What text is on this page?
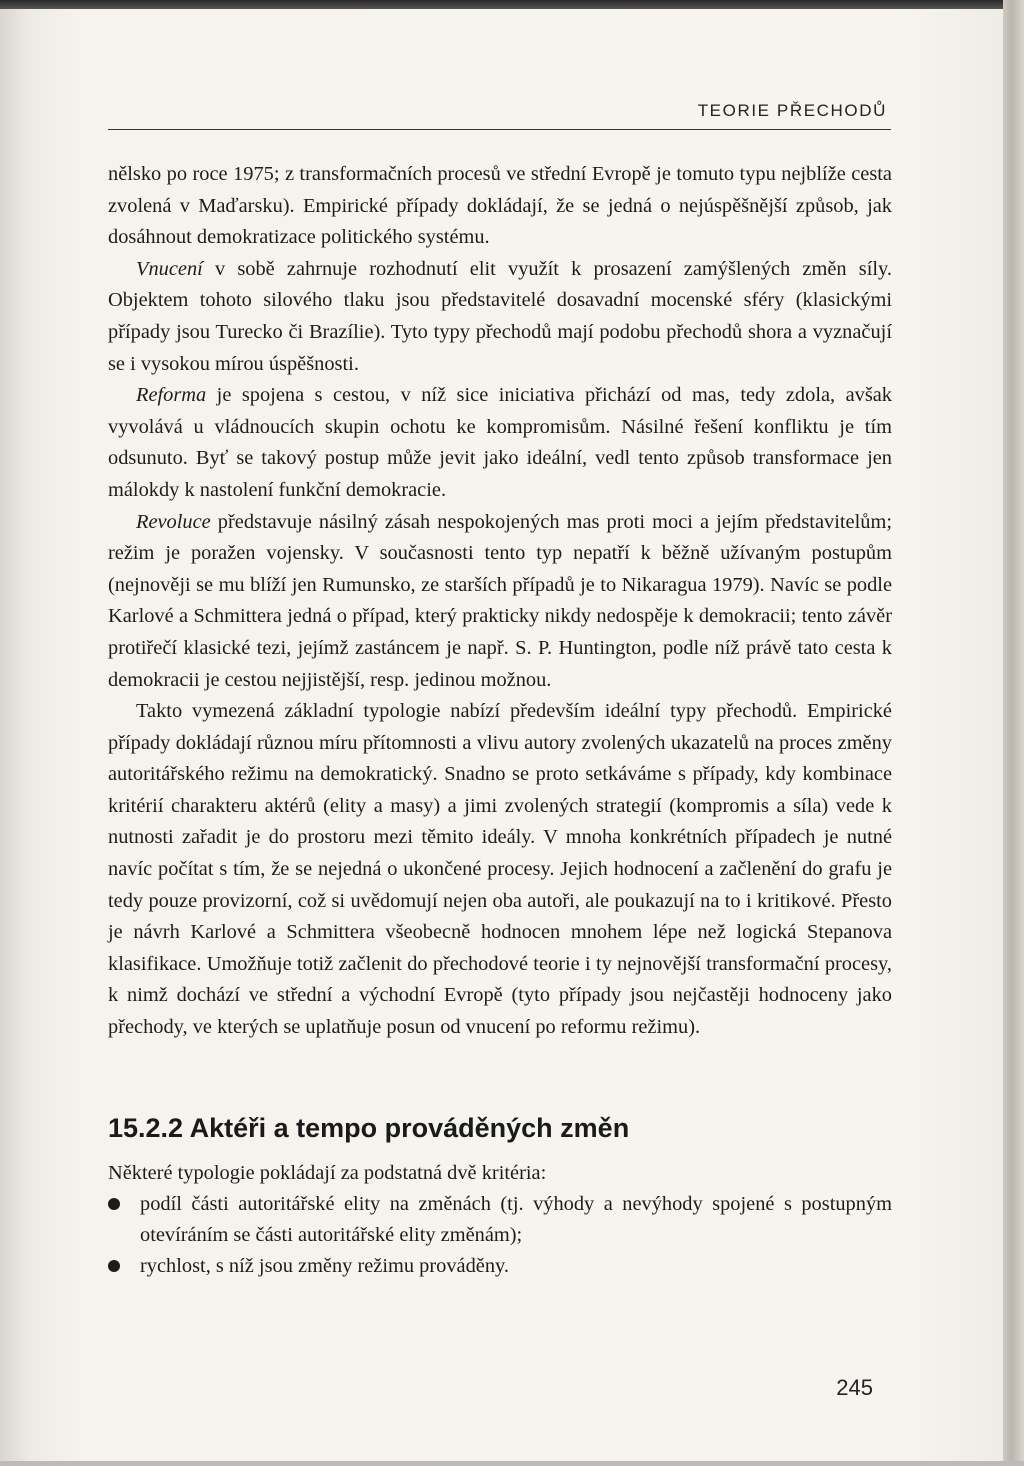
TEORIE PŘECHODŮ

nělsko po roce 1975; z transformačních procesů ve střední Evropě je tomuto typu nejblíže cesta zvolená v Maďarsku). Empirické případy dokládají, že se jedná o nejúspěšnější způsob, jak dosáhnout demokratizace politického systému.

Vnucení v sobě zahrnuje rozhodnutí elit využít k prosazení zamýšlených změn síly. Objektem tohoto silového tlaku jsou představitelé dosavadní mocenské sféry (klasickými případy jsou Turecko či Brazílie). Tyto typy přechodů mají podobu přechodů shora a vyznačují se i vysokou mírou úspěšnosti.

Reforma je spojena s cestou, v níž sice iniciativa přichází od mas, tedy zdola, avšak vyvolává u vládnoucích skupin ochotu ke kompromisům. Násilné řešení konfliktu je tím odsunuto. Byť se takový postup může jevit jako ideální, vedl tento způsob transformace jen málokdy k nastolení funkční demokracie.

Revoluce představuje násilný zásah nespokojených mas proti moci a jejím představitelům; režim je poražen vojensky. V současnosti tento typ nepatří k běžně užívaným postupům (nejnověji se mu blíží jen Rumunsko, ze starších případů je to Nikaragua 1979). Navíc se podle Karlové a Schmittera jedná o případ, který prakticky nikdy nedospěje k demokracii; tento závěr protiřečí klasické tezi, jejímž zastáncem je např. S. P. Huntington, podle níž právě tato cesta k demokracii je cestou nejjistější, resp. jedinou možnou.

Takto vymezená základní typologie nabízí především ideální typy přechodů. Empirické případy dokládají různou míru přítomnosti a vlivu autory zvolených ukazatelů na proces změny autoritářského režimu na demokratický. Snadno se proto setkáváme s případy, kdy kombinace kritérií charakteru aktérů (elity a masy) a jimi zvolených strategií (kompromis a síla) vede k nutnosti zařadit je do prostoru mezi těmito ideály. V mnoha konkrétních případech je nutné navíc počítat s tím, že se nejedná o ukončené procesy. Jejich hodnocení a začlenění do grafu je tedy pouze provizorní, což si uvědomují nejen oba autoři, ale poukazují na to i kritikové. Přesto je návrh Karlové a Schmittera všeobecně hodnocen mnohem lépe než logická Stepanova klasifikace. Umožňuje totiž začlenit do přechodové teorie i ty nejnovější transformační procesy, k nimž dochází ve střední a východní Evropě (tyto případy jsou nejčastěji hodnoceny jako přechody, ve kterých se uplatňuje posun od vnucení po reformu režimu).

15.2.2 Aktéři a tempo prováděných změn

Některé typologie pokládají za podstatná dvě kritéria:

podíl části autoritářské elity na změnách (tj. výhody a nevýhody spojené s postupným otevíráním se části autoritářské elity změnám);
rychlost, s níž jsou změny režimu prováděny.
245
